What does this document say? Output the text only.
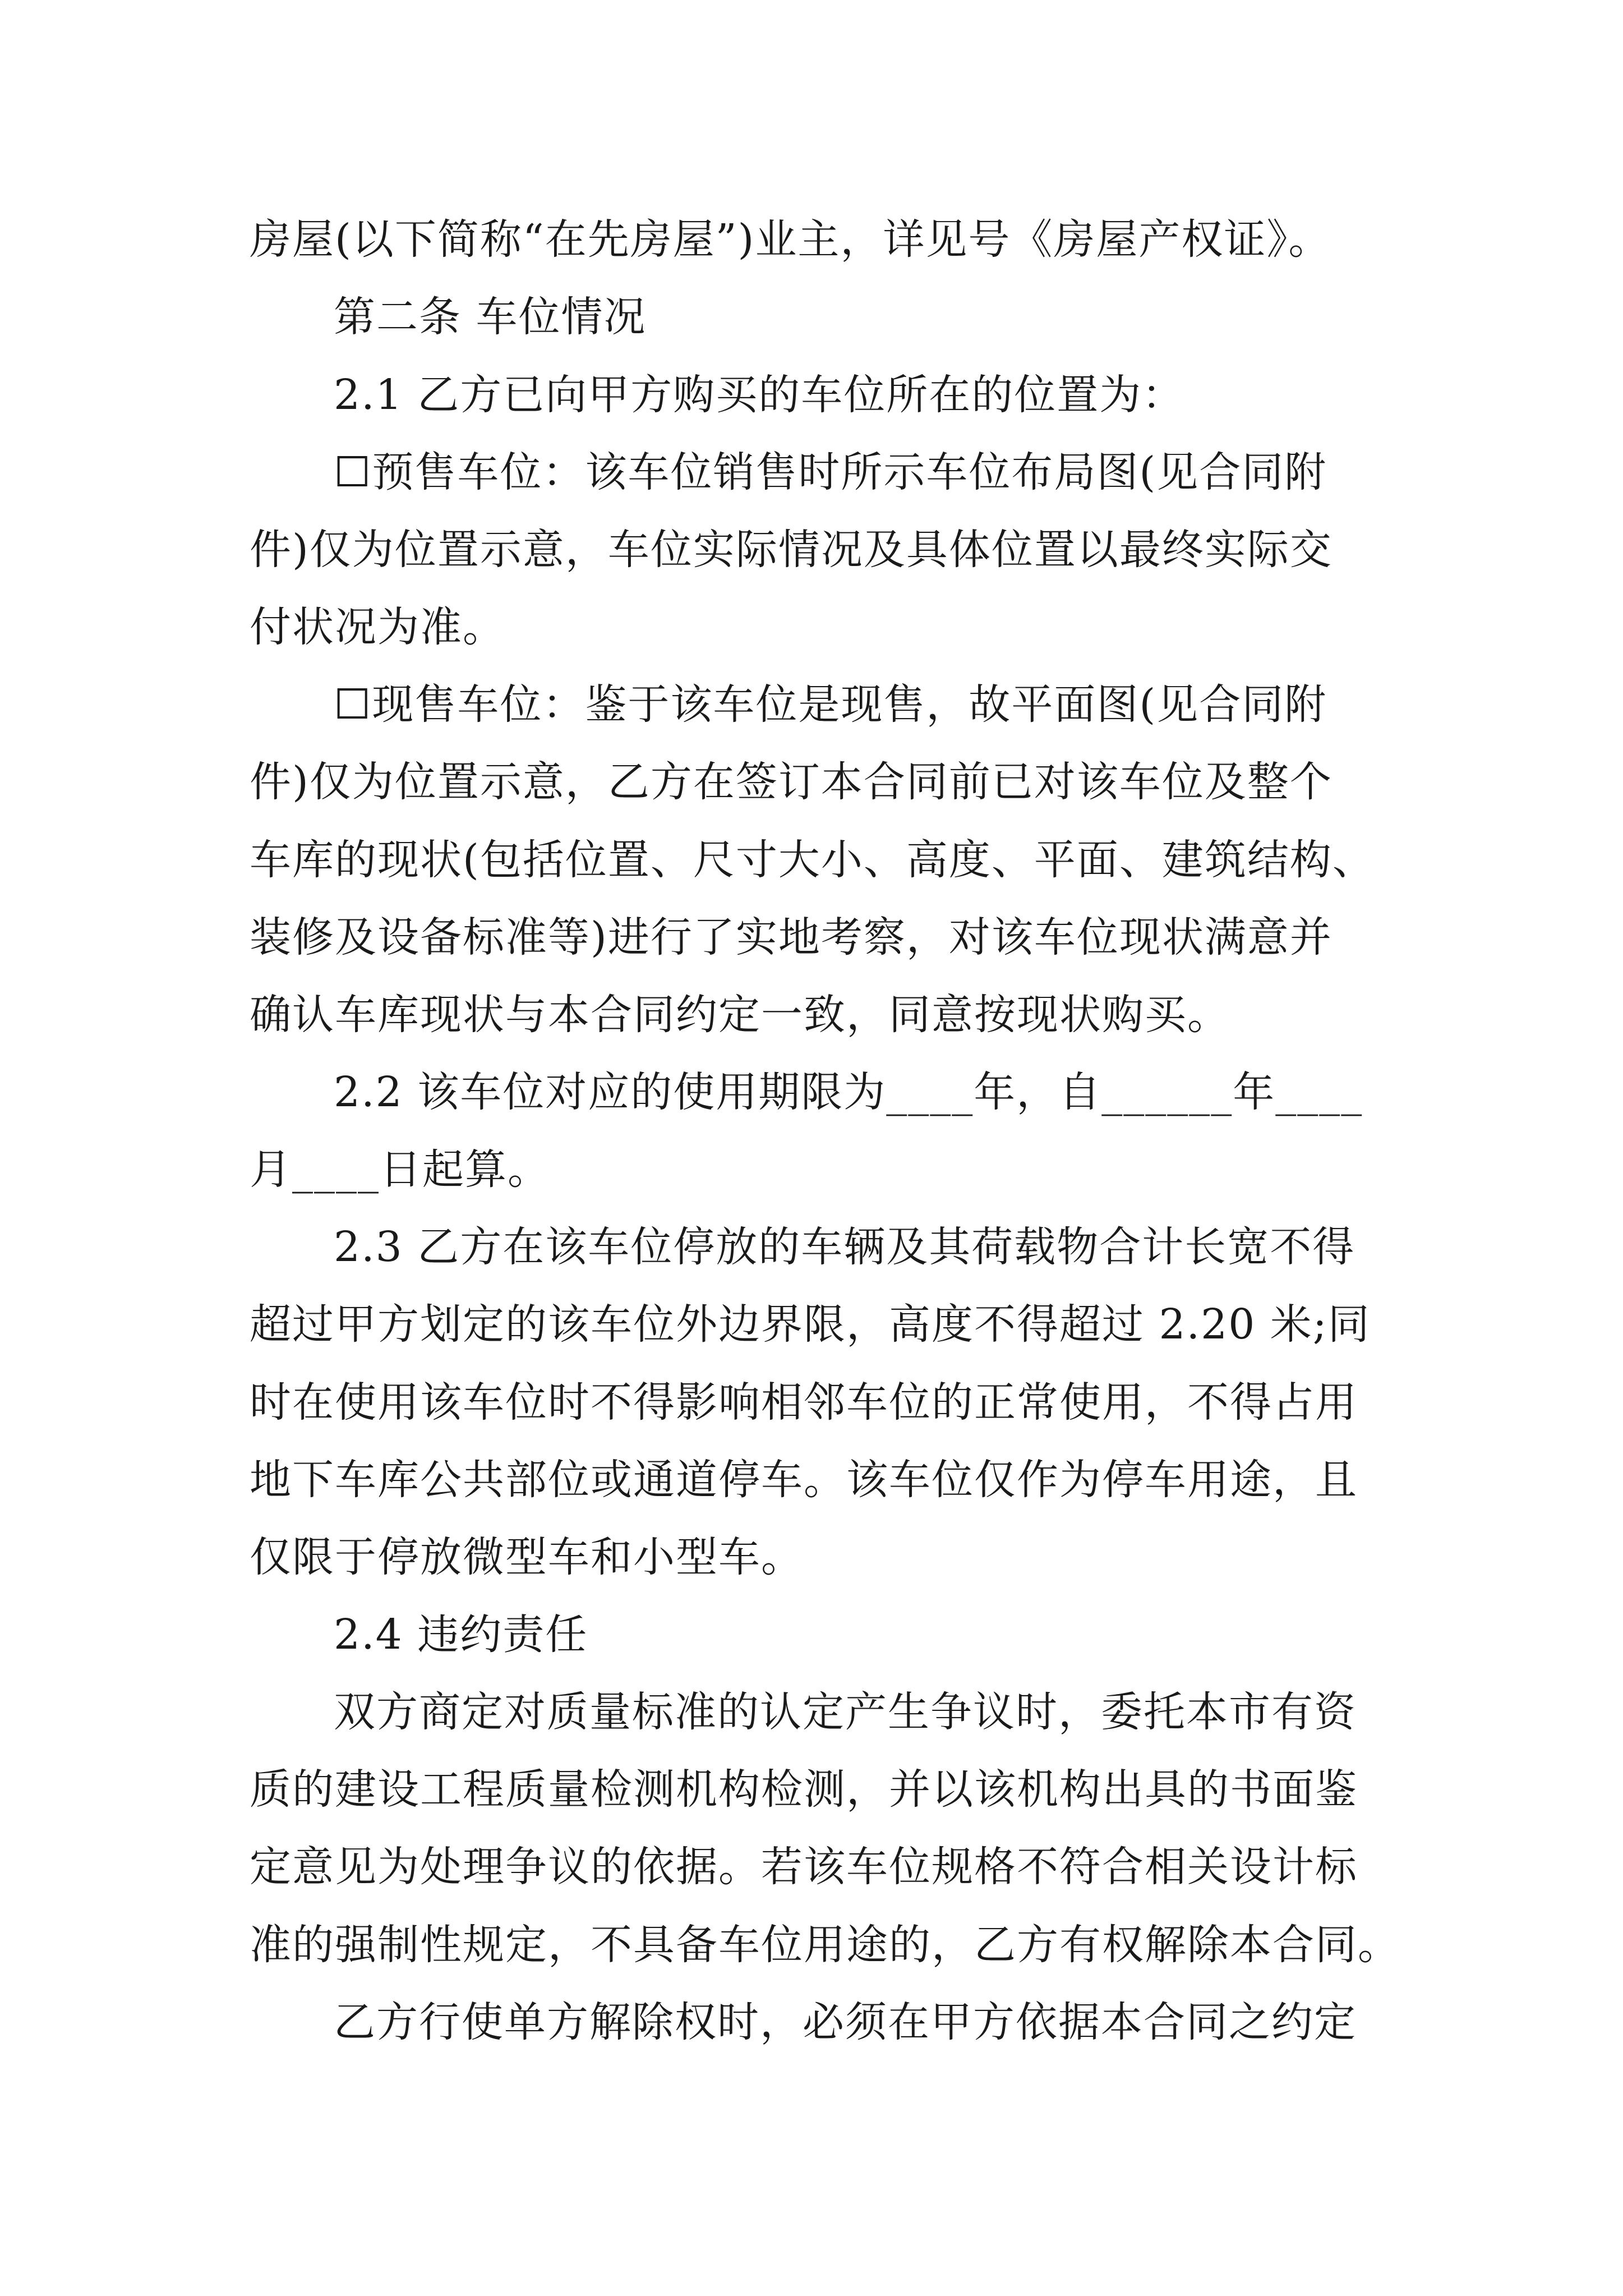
房屋(以下简称“在先房屋”)业主，详见号《房屋产权证》。
第二条 车位情况
2.1 乙方已向甲方购买的车位所在的位置为：
☐预售车位：该车位销售时所示车位布局图(见合同附
件)仅为位置示意，车位实际情况及具体位置以最终实际交
付状况为准。
☐现售车位：鉴于该车位是现售，故平面图(见合同附
件)仅为位置示意，乙方在签订本合同前已对该车位及整个
车库的现状(包括位置、尺寸大小、高度、平面、建筑结构、
装修及设备标准等)进行了实地考察，对该车位现状满意并
确认车库现状与本合同约定一致，同意按现状购买。
2.2 该车位对应的使用期限为____年，自______年____
月____日起算。
2.3 乙方在该车位停放的车辆及其荷载物合计长宽不得
超过甲方划定的该车位外边界限，高度不得超过 2.20 米;同
时在使用该车位时不得影响相邻车位的正常使用，不得占用
地下车库公共部位或通道停车。该车位仅作为停车用途，且
仅限于停放微型车和小型车。
2.4 违约责任
双方商定对质量标准的认定产生争议时，委托本市有资
质的建设工程质量检测机构检测，并以该机构出具的书面鉴
定意见为处理争议的依据。若该车位规格不符合相关设计标
准的强制性规定，不具备车位用途的，乙方有权解除本合同。
乙方行使单方解除权时，必须在甲方依据本合同之约定
